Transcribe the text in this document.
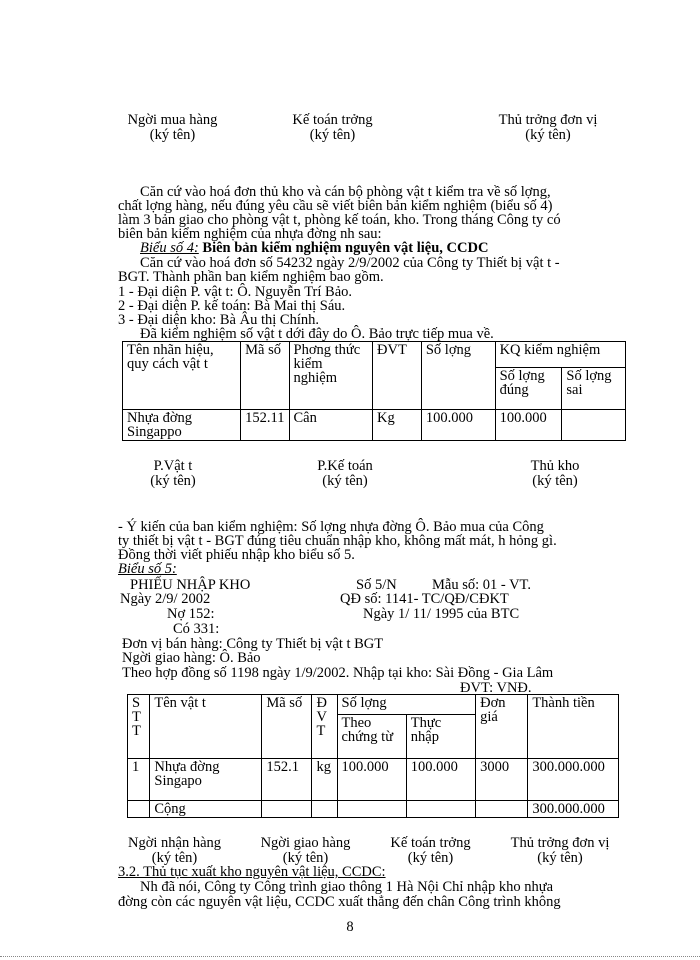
Ngời mua hàng
(ký tên)
Kế toán trởng
(ký tên)
Thủ trởng đơn vị
(ký tên)
Căn cứ vào hoá đơn thủ kho và cán bộ phòng vật t kiểm tra về số lợng,
chất lợng hàng, nếu đúng yêu cầu sẽ viết biên bản kiểm nghiệm (biểu số 4)
làm 3 bản giao cho phòng vật t, phòng kế toán, kho. Trong tháng Công ty có
biên bản kiểm nghiệm của nhựa đờng nh sau:
Biểu số 4: Biên bản kiểm nghiệm nguyên vật liệu, CCDC
Căn cứ vào hoá đơn số 54232 ngày 2/9/2002 của Công ty Thiết bị vật t -
BGT. Thành phần ban kiểm nghiệm bao gồm.
1 - Đại diện P. vật t: Ô. Nguyễn Trí Bảo.
2 - Đại diện P. kế toán: Bà Mai thị Sáu.
3 - Đại diện kho: Bà Âu thị Chính.
Đã kiểm nghiệm số vật t dới đây do Ô. Bảo trực tiếp mua về.
Tên nhãn hiệu, quy cách vật t	Mã số	Phơng thức kiểm nghiệm	ĐVT	Số lợng	KQ kiểm nghiệm	
					Số lợng đúng	Số lợng sai
Nhựa đờng Singappo	152.11	Cân	Kg	100.000	100.000	
P.Vật t
(ký tên)
P.Kế toán
(ký tên)
Thủ kho
(ký tên)
- Ý kiến của ban kiểm nghiệm: Số lợng nhựa đờng Ô. Bảo mua của Công
ty thiết bị vật t - BGT đúng tiêu chuẩn nhập kho, không mất mát, h hỏng gì.
Đồng thời viết phiếu nhập kho biểu số 5.
Biểu số 5:
PHIẾU NHẬP KHO	Số 5/N Mẫu số: 01 - VT.
Ngày 2/9/ 2002	QĐ số: 1141- TC/QĐ/CĐKT
Nợ 152:	Ngày 1/ 11/ 1995 của BTC
Có 331:
Đơn vị bán hàng: Công ty Thiết bị vật t BGT
Ngời giao hàng: Ô. Bảo
Theo hợp đồng số 1198 ngày 1/9/2002. Nhập tại kho: Sài Đồng - Gia Lâm
ĐVT: VNĐ.
S T T	Tên vật t	Mã số	Đ V T	Số lợng		Đơn giá	Thành tiền
				Theo chứng từ	Thực nhập		
1	Nhựa đờng Singapo	152.1	kg	100.000	100.000	3000	300.000.000
	Cộng						300.000.000
Ngời nhận hàng
(ký tên)
Ngời giao hàng
(ký tên)
Kế toán trởng
(ký tên)
Thủ trởng đơn vị
(ký tên)
3.2. Thủ tục xuất kho nguyên vật liệu, CCDC:
Nh đã nói, Công ty Công trình giao thông 1 Hà Nội Chỉ nhập kho nhựa
đờng còn các nguyên vật liệu, CCDC xuất thẳng đến chân Công trình không
8
